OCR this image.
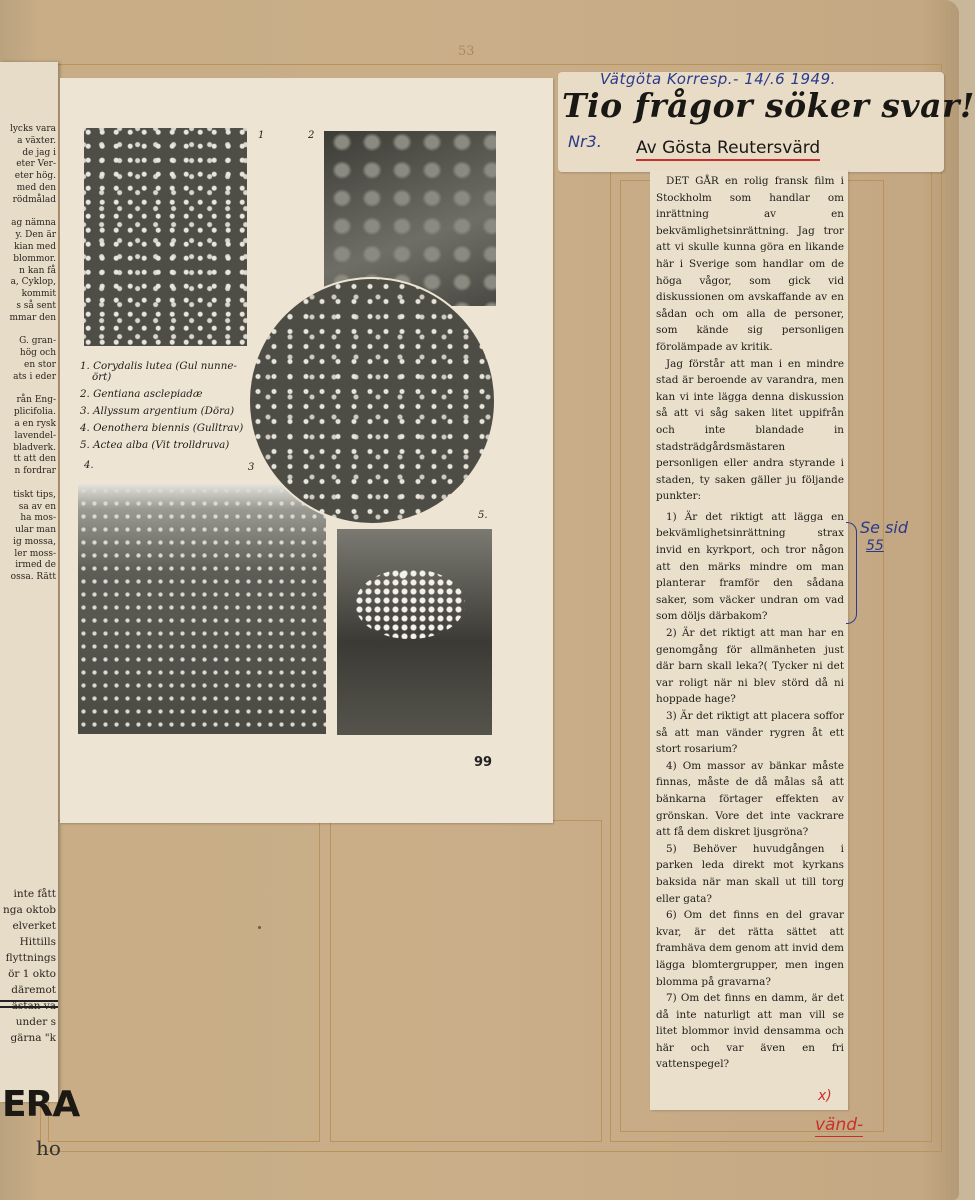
53
lycks vara
a växter.
de jag i
eter Ver-
eter hög.
med den
rödmålad

ag nämna
y. Den är
kian med
blommor.
n kan få
a, Cyklop,
kommit
s så sent
mmar den

G. gran-
hög och
en stor
ats i eder

rån Eng-
plicifolia.
a en rysk
lavendel-
bladverk.
tt att den
n fordrar

tiskt tips,
sa av en
ha mos-
ular man
ig mossa,
ler moss-
irmed de
ossa. Rätt
inte fått
nga oktob
elverket
Hittills
flyttnings
ör 1 okto
däremot
ästan va
under s
gärna "k
ERA
ho
1	2
3
4.
5.
1. Corydalis lutea (Gul nunne-
ört)
2. Gentiana asclepiadæ
3. Allyssum argentium (Döra)
4. Oenothera biennis (Gulltrav)
5. Actea alba (Vit trolldruva)
99
Vätgöta Korresp.- 14/.6 1949.
Tio frågor söker svar!
Nr3. Av Gösta Reutersvärd

DET GÅR en rolig fransk film i Stockholm som handlar om inrättning av en bekvämlighetsinrättning. Jag tror att vi skulle kunna göra en likande här i Sverige som handlar om de höga vågor, som gick vid diskussionen om avskaffande av en sådan och om alla de personer, som kände sig personligen förolämpade av kritik.

Jag förstår att man i en mindre stad är beroende av varandra, men kan vi inte lägga denna diskussion så att vi såg saken litet uppifrån och inte blandade in stadsträdgårdsmästaren personligen eller andra styrande i staden, ty saken gäller ju följande punkter:

1) Är det riktigt att lägga en bekvämlighetsinrättning strax invid en kyrkport, och tror någon att den märks mindre om man planterar framför den sådana saker, som väcker undran om vad som döljs därbakom?

2) Är det riktigt att man har en genomgång för allmänheten just där barn skall leka?( Tycker ni det var roligt när ni blev störd då ni hoppade hage?

3) Är det riktigt att placera soffor så att man vänder rygren åt ett stort rosarium?

4) Om massor av bänkar måste finnas, måste de då målas så att bänkarna förtager effekten av grönskan. Vore det inte vackrare att få dem diskret ljusgröna?

5) Behöver huvudgången i parken leda direkt mot kyrkans baksida när man skall ut till torg eller gata?

6) Om det finns en del gravar kvar, är det rätta sättet att framhäva dem genom att invid dem lägga blomtergrupper, men ingen blomma på gravarna?

7) Om det finns en damm, är det då inte naturligt att man vill se litet blommor invid densamma och här och var även en fri vattenspegel?

Se sid
55
x)
vänd-
